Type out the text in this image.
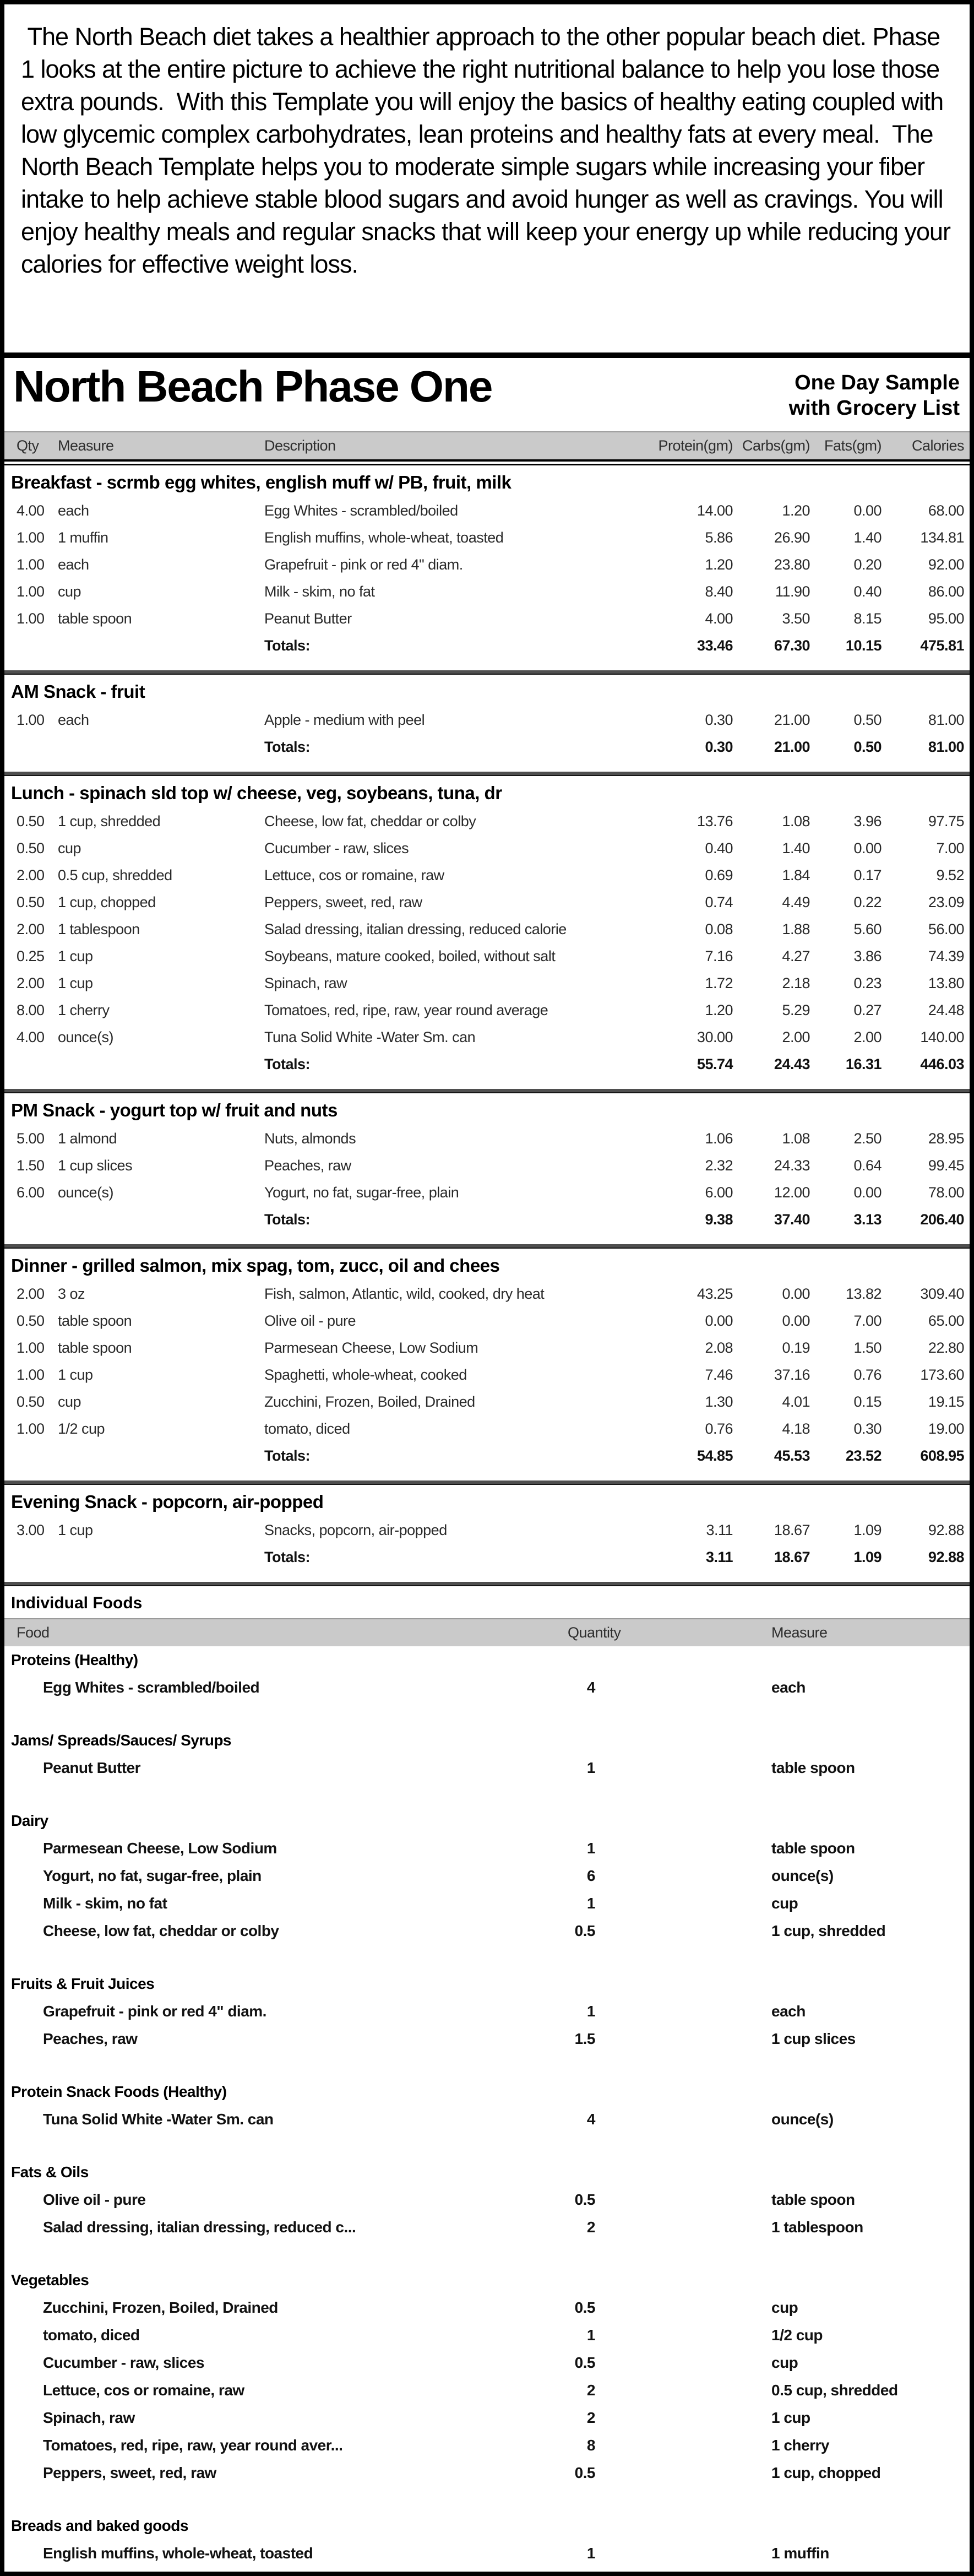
The North Beach diet takes a healthier approach to the other popular beach diet. Phase 1 looks at the entire picture to achieve the right nutritional balance to help you lose those extra pounds.  With this Template you will enjoy the basics of healthy eating coupled with low glycemic complex carbohydrates, lean proteins and healthy fats at every meal.  The North Beach Template helps you to moderate simple sugars while increasing your fiber intake to help achieve stable blood sugars and avoid hunger as well as cravings. You will enjoy healthy meals and regular snacks that will keep your energy up while reducing your calories for effective weight loss.
North Beach Phase One	One Day Sample
with Grocery List
Qty	Measure	Description	Protein(gm) Carbs(gm) Fats(gm)	Calories
Breakfast - scrmb egg whites, english muff w/ PB, fruit, milk
4.00 each	Egg Whites - scrambled/boiled	14.00	1.20	0.00	68.00
1.00 1 muffin	English muffins, whole-wheat, toasted	5.86	26.90	1.40	134.81
1.00 each	Grapefruit - pink or red 4" diam.	1.20	23.80	0.20	92.00
1.00 cup	Milk - skim, no fat	8.40	11.90	0.40	86.00
1.00 table spoon	Peanut Butter	4.00	3.50	8.15	95.00
Totals:	33.46	67.30	10.15	475.81
AM Snack - fruit
1.00 each	Apple - medium with peel	0.30	21.00	0.50	81.00
Totals:	0.30	21.00	0.50	81.00
Lunch - spinach sld top w/ cheese, veg, soybeans, tuna, dr
0.50 1 cup, shredded	Cheese, low fat, cheddar or colby	13.76	1.08	3.96	97.75
0.50 cup	Cucumber - raw, slices	0.40	1.40	0.00	7.00
2.00 0.5 cup, shredded	Lettuce, cos or romaine, raw	0.69	1.84	0.17	9.52
0.50 1 cup, chopped	Peppers, sweet, red, raw	0.74	4.49	0.22	23.09
2.00 1 tablespoon	Salad dressing, italian dressing, reduced calorie	0.08	1.88	5.60	56.00
0.25 1 cup	Soybeans, mature cooked, boiled, without salt	7.16	4.27	3.86	74.39
2.00 1 cup	Spinach, raw	1.72	2.18	0.23	13.80
8.00 1 cherry	Tomatoes, red, ripe, raw, year round average	1.20	5.29	0.27	24.48
4.00 ounce(s)	Tuna Solid White -Water Sm. can	30.00	2.00	2.00	140.00
Totals:	55.74	24.43	16.31	446.03
PM Snack - yogurt top w/ fruit and nuts
5.00 1 almond	Nuts, almonds	1.06	1.08	2.50	28.95
1.50 1 cup slices	Peaches, raw	2.32	24.33	0.64	99.45
6.00 ounce(s)	Yogurt, no fat, sugar-free, plain	6.00	12.00	0.00	78.00
Totals:	9.38	37.40	3.13	206.40
Dinner - grilled salmon, mix spag, tom, zucc, oil and chees
2.00 3 oz	Fish, salmon, Atlantic, wild, cooked, dry heat	43.25	0.00	13.82	309.40
0.50 table spoon	Olive oil - pure	0.00	0.00	7.00	65.00
1.00 table spoon	Parmesean Cheese, Low Sodium	2.08	0.19	1.50	22.80
1.00 1 cup	Spaghetti, whole-wheat, cooked	7.46	37.16	0.76	173.60
0.50 cup	Zucchini, Frozen, Boiled, Drained	1.30	4.01	0.15	19.15
1.00 1/2 cup	tomato, diced	0.76	4.18	0.30	19.00
Totals:	54.85	45.53	23.52	608.95
Evening Snack - popcorn, air-popped
3.00 1 cup	Snacks, popcorn, air-popped	3.11	18.67	1.09	92.88
Totals:	3.11	18.67	1.09	92.88
Individual Foods
Food	Quantity	Measure
Proteins (Healthy)
Egg Whites - scrambled/boiled	4	each
Jams/ Spreads/Sauces/ Syrups
Peanut Butter	1	table spoon
Dairy
Parmesean Cheese, Low Sodium	1	table spoon
Yogurt, no fat, sugar-free, plain	6	ounce(s)
Milk - skim, no fat	1	cup
Cheese, low fat, cheddar or colby	0.5	1 cup, shredded
Fruits & Fruit Juices
Grapefruit - pink or red 4" diam.	1	each
Peaches, raw	1.5	1 cup slices
Protein Snack Foods (Healthy)
Tuna Solid White -Water Sm. can	4	ounce(s)
Fats & Oils
Olive oil - pure	0.5	table spoon
Salad dressing, italian dressing, reduced c...	2	1 tablespoon
Vegetables
Zucchini, Frozen, Boiled, Drained	0.5	cup
tomato, diced	1	1/2 cup
Cucumber - raw, slices	0.5	cup
Lettuce, cos or romaine, raw	2	0.5 cup, shredded
Spinach, raw	2	1 cup
Tomatoes, red, ripe, raw, year round aver...	8	1 cherry
Peppers, sweet, red, raw	0.5	1 cup, chopped
Breads and baked goods
English muffins, whole-wheat, toasted	1	1 muffin
